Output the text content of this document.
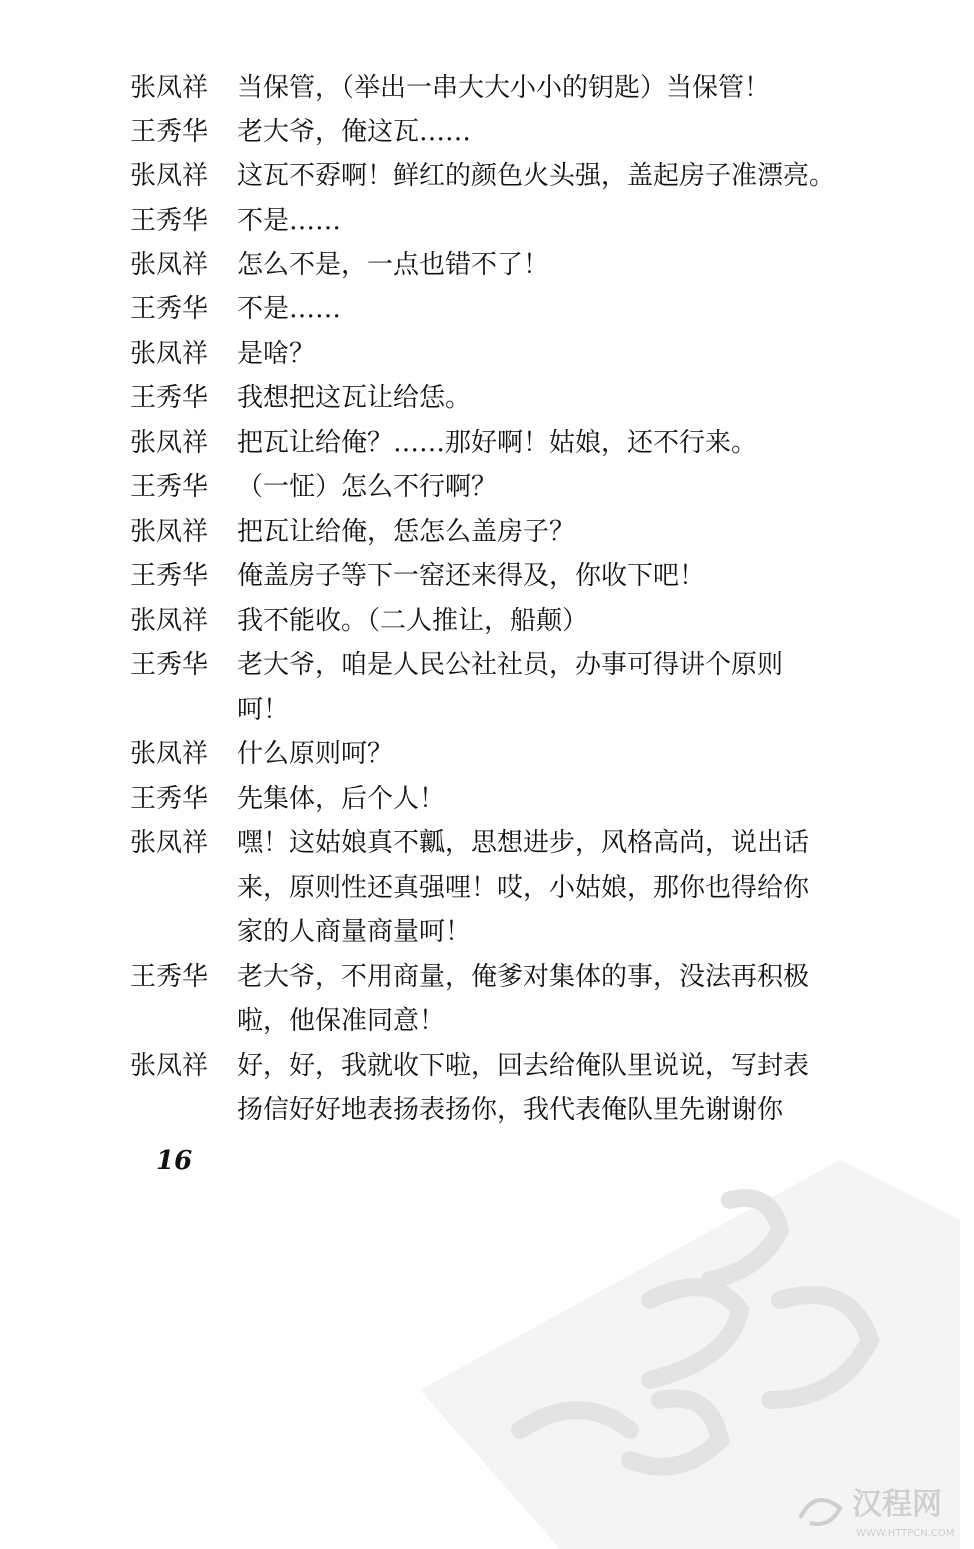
张凤祥 当保管，（举出一串大大小小的钥匙）当保管！
王秀华 老大爷，俺这瓦……
张凤祥 这瓦不孬啊！鲜红的颜色火头强，盖起房子准漂亮。
王秀华 不是……
张凤祥 怎么不是，一点也错不了！
王秀华 不是……
张凤祥 是啥？
王秀华 我想把这瓦让给恁。
张凤祥 把瓦让给俺？……那好啊！姑娘，还不行来。
王秀华 （一怔）怎么不行啊？
张凤祥 把瓦让给俺，恁怎么盖房子？
王秀华 俺盖房子等下一窑还来得及，你收下吧！
张凤祥 我不能收。（二人推让，船颠）
王秀华 老大爷，咱是人民公社社员，办事可得讲个原则
呵！
张凤祥 什么原则呵？
王秀华 先集体，后个人！
张凤祥 嘿！这姑娘真不瓤，思想进步，风格高尚，说出话
来，原则性还真强哩！哎，小姑娘，那你也得给你
家的人商量商量呵！
王秀华 老大爷，不用商量，俺爹对集体的事，没法再积极
啦，他保准同意！
张凤祥 好，好，我就收下啦，回去给俺队里说说，写封表
扬信好好地表扬表扬你，我代表俺队里先谢谢你
16
汉程网
WWW.HTTPCN.COM
